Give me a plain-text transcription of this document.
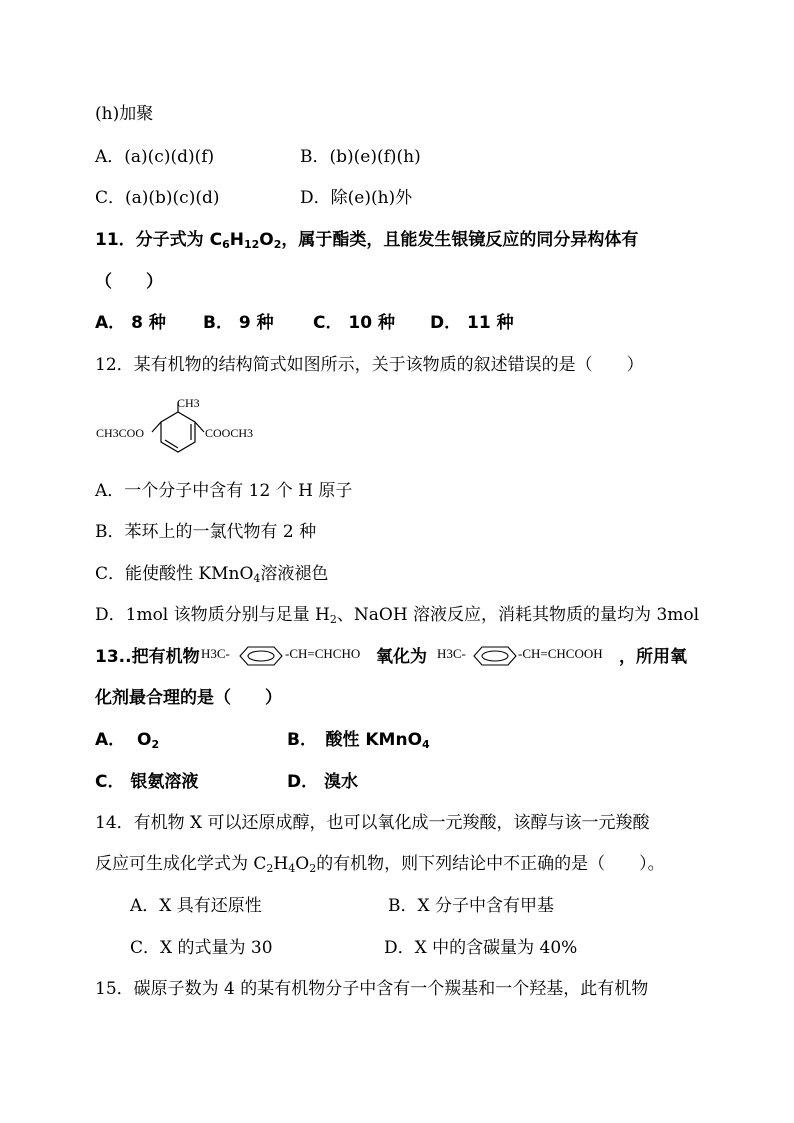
(h)加聚
A．(a)(c)(d)(f)	B．(b)(e)(f)(h)
C．(a)(b)(c)(d)	D．除(e)(h)外
11．分子式为 $C_6H_{12}O_2$，属于酯类，且能发生银镜反应的同分异构体有
（　　）
A． 8 种 B． 9 种 C． 10 种 D． 11 种
12．某有机物的结构简式如图所示，关于该物质的叙述错误的是（　　）
CH3
CH3COO	COOCH3
A．一个分子中含有 12 个 H 原子
B．苯环上的一氯代物有 2 种
C．能使酸性 KMnO$_4$溶液褪色
D．1mol 该物质分别与足量 $H_2$、NaOH 溶液反应，消耗其物质的量均为 3mol
13..把有机物 H3C-	-CH=CHCHO 氧化为 H3C-	-CH=CHCOOH ，所用氧
化剂最合理的是（　　）
A． $O_2$	B．　酸性 KMnO$_4$
C． 银氨溶液	D． 溴水
14．有机物 X 可以还原成醇，也可以氧化成一元羧酸，该醇与该一元羧酸
反应可生成化学式为 $C_2H_4O_2$的有机物，则下列结论中不正确的是（　　）。
A．X 具有还原性	B．X 分子中含有甲基
C．X 的式量为 30	D．X 中的含碳量为 40%
15．碳原子数为 4 的某有机物分子中含有一个羰基和一个羟基，此有机物
